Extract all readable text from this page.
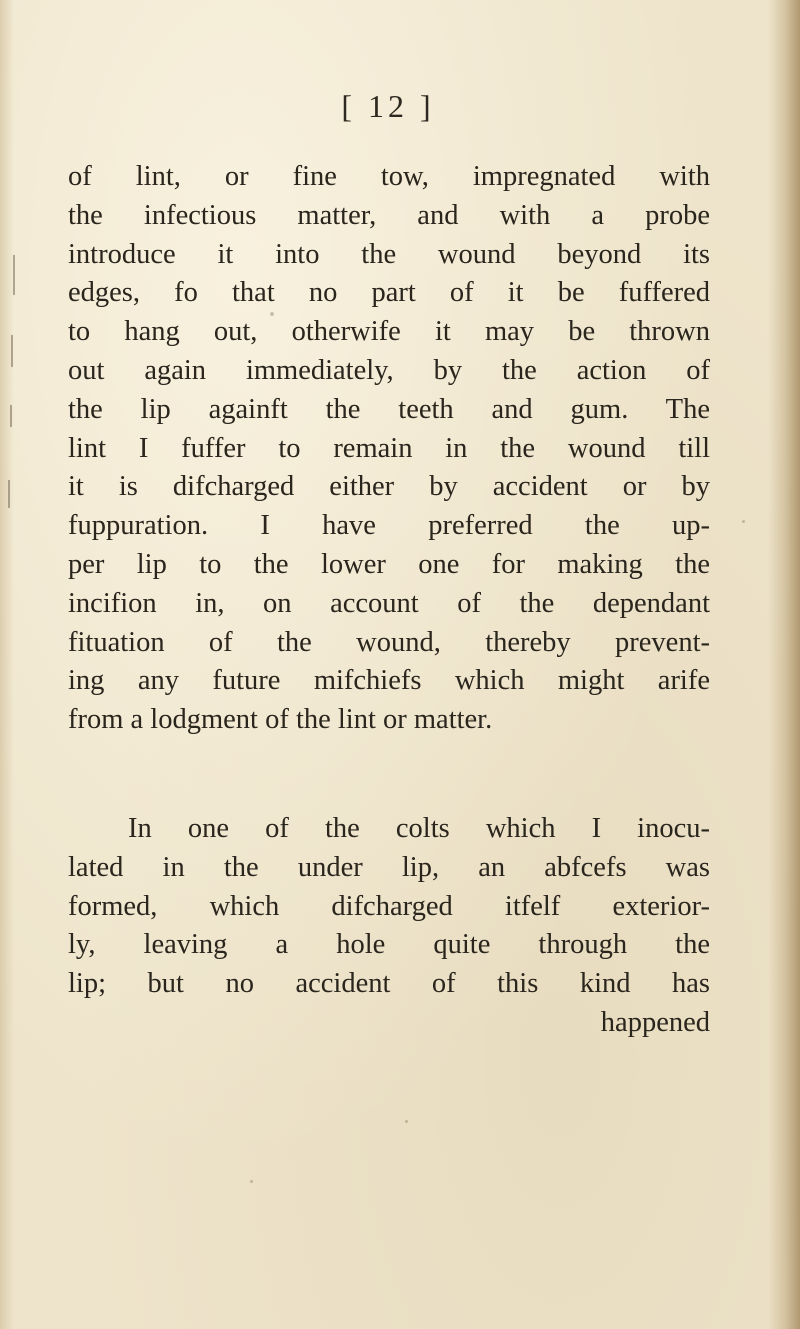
[ 12 ]
of lint, or fine tow, impregnated with
the infectious matter, and with a probe
introduce it into the wound beyond its
edges, fo that no part of it be fuffered
to hang out, otherwife it may be thrown
out again immediately, by the action of
the lip againft the teeth and gum. The
lint I fuffer to remain in the wound till
it is difcharged either by accident or by
fuppuration. I have preferred the up-
per lip to the lower one for making the
incifion in, on account of the dependant
fituation of the wound, thereby prevent-
ing any future mifchiefs which might arife
from a lodgment of the lint or matter.
In one of the colts which I inocu-
lated in the under lip, an abfcefs was
formed, which difcharged itfelf exterior-
ly, leaving a hole quite through the
lip; but no accident of this kind has
happened
